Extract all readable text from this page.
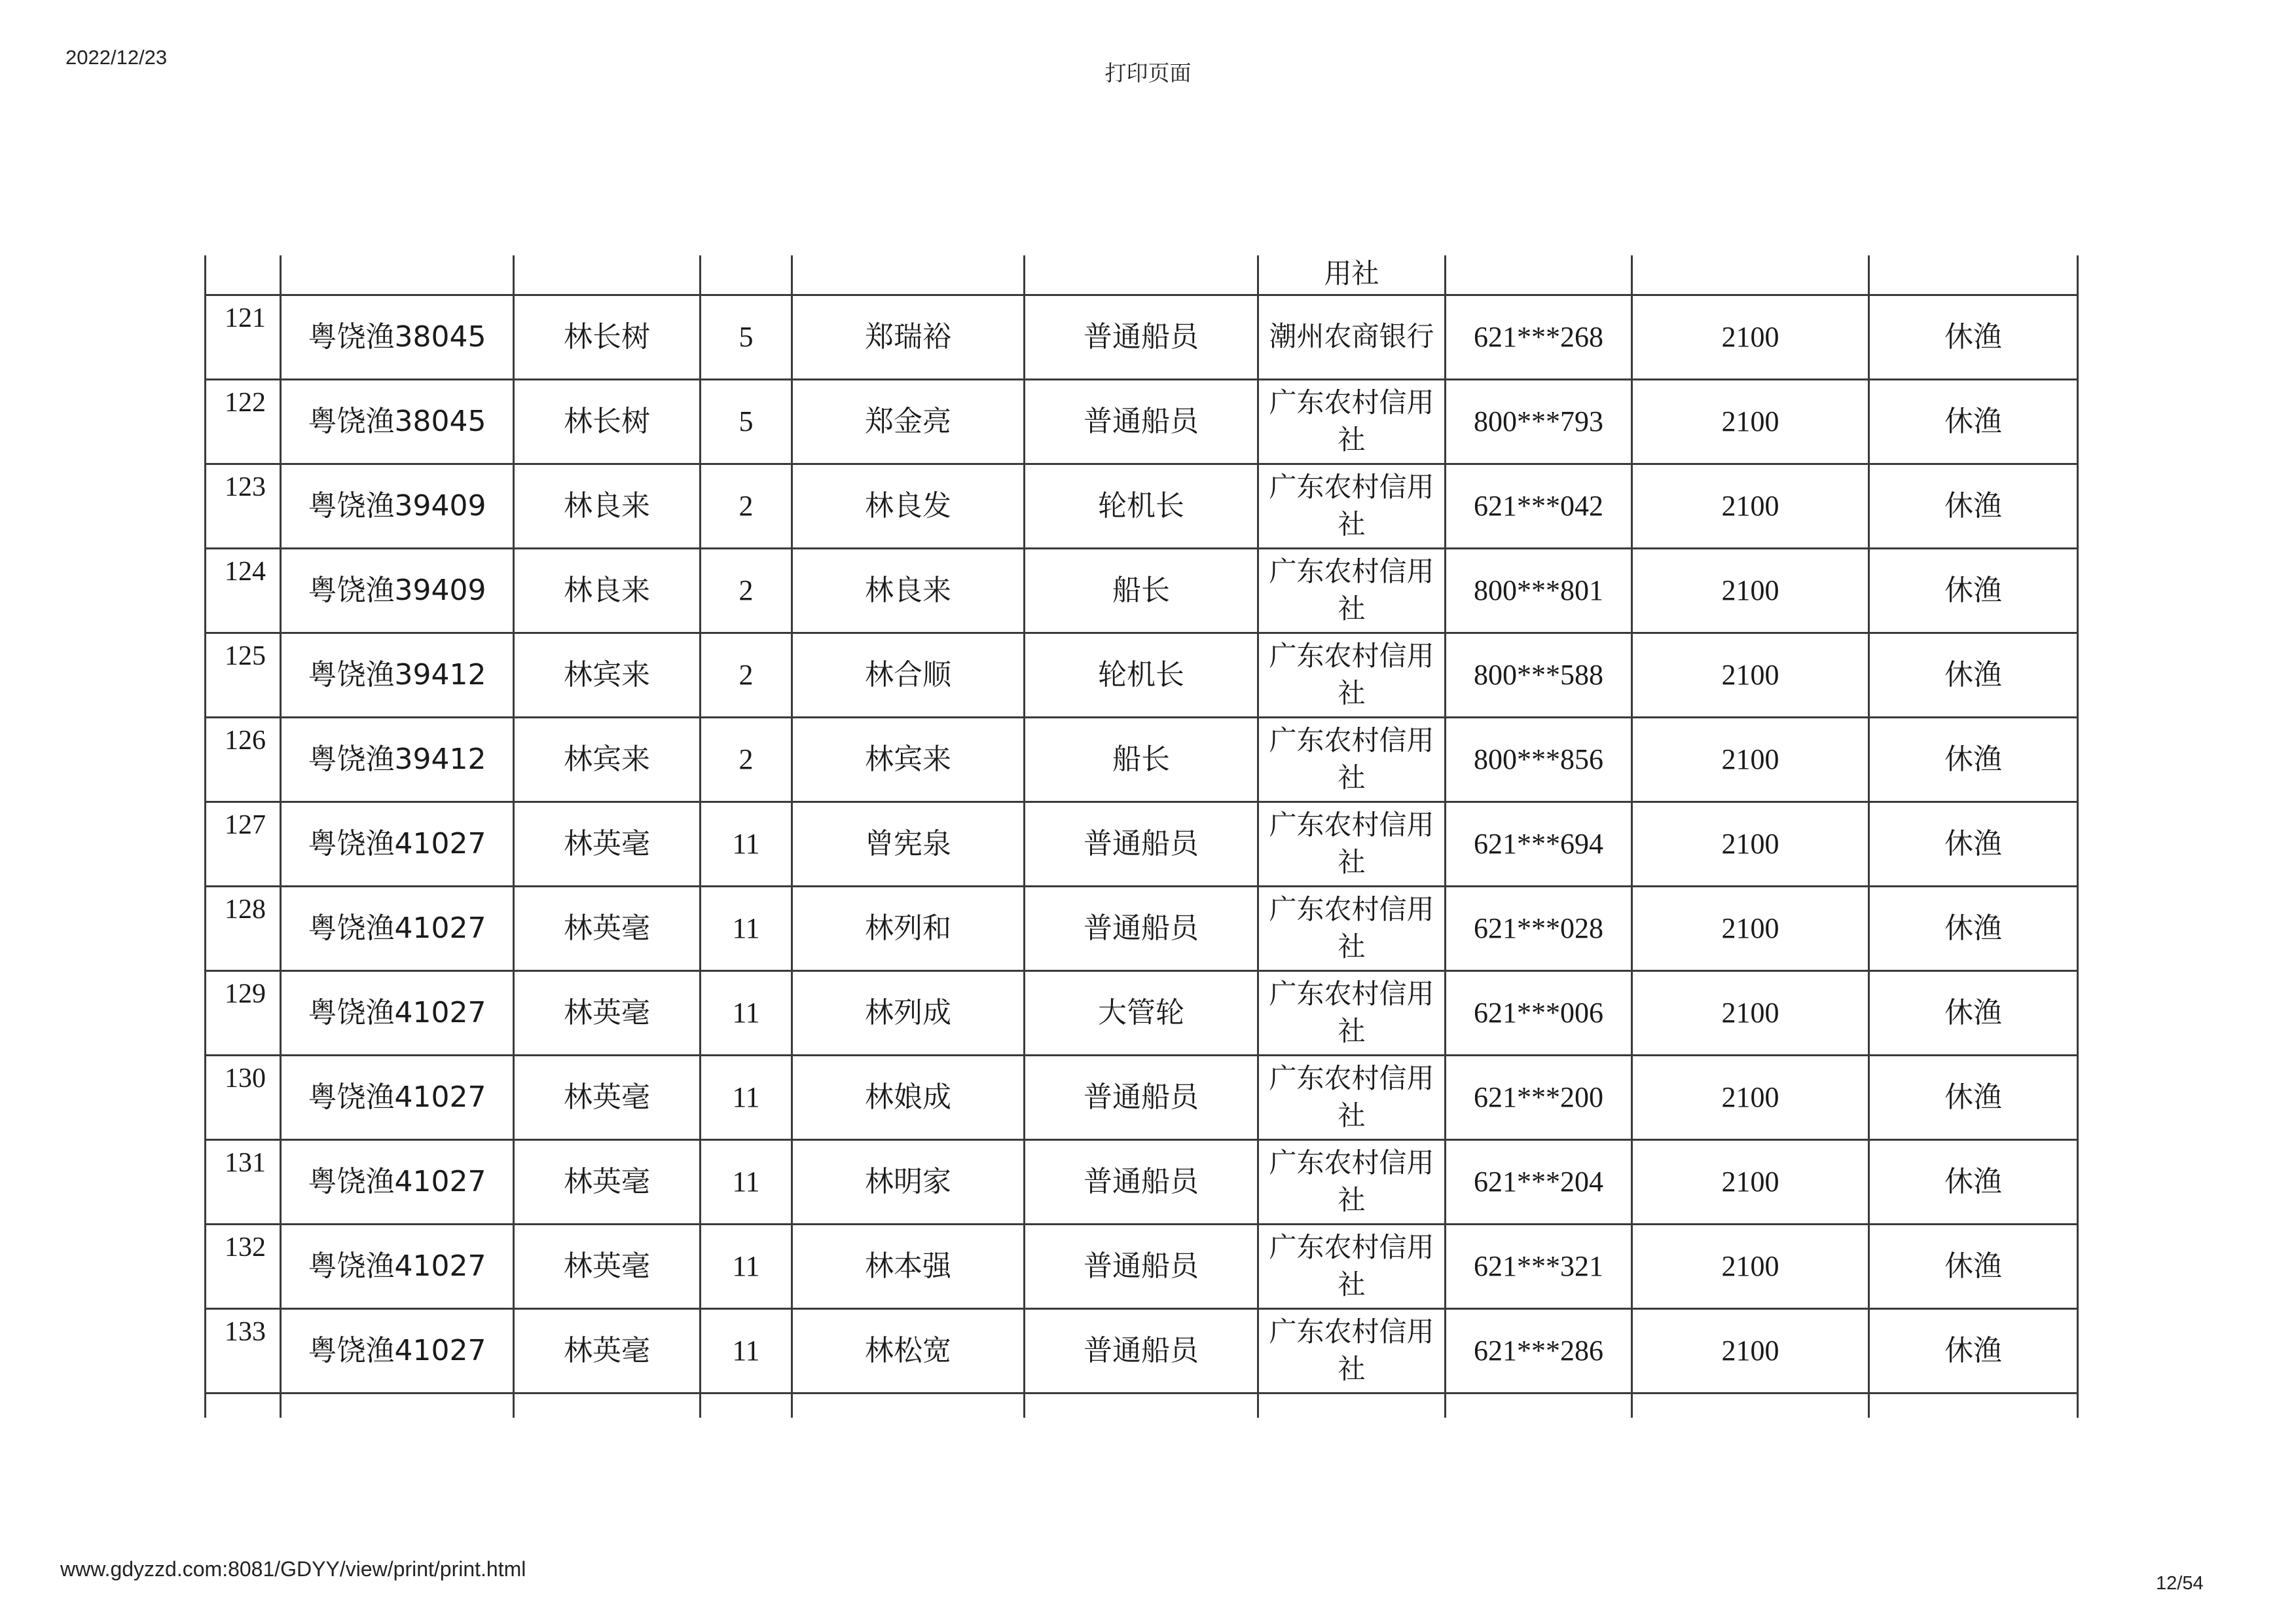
2022/12/23
打印页面
						用社			
121	粤饶渔38045	林长树	5	郑瑞裕	普通船员	潮州农商银行	621***268	2100	休渔
122	粤饶渔38045	林长树	5	郑金亮	普通船员	广东农村信用社	800***793	2100	休渔
123	粤饶渔39409	林良来	2	林良发	轮机长	广东农村信用社	621***042	2100	休渔
124	粤饶渔39409	林良来	2	林良来	船长	广东农村信用社	800***801	2100	休渔
125	粤饶渔39412	林宾来	2	林合顺	轮机长	广东农村信用社	800***588	2100	休渔
126	粤饶渔39412	林宾来	2	林宾来	船长	广东农村信用社	800***856	2100	休渔
127	粤饶渔41027	林英毫	11	曾宪泉	普通船员	广东农村信用社	621***694	2100	休渔
128	粤饶渔41027	林英毫	11	林列和	普通船员	广东农村信用社	621***028	2100	休渔
129	粤饶渔41027	林英毫	11	林列成	大管轮	广东农村信用社	621***006	2100	休渔
130	粤饶渔41027	林英毫	11	林娘成	普通船员	广东农村信用社	621***200	2100	休渔
131	粤饶渔41027	林英毫	11	林明家	普通船员	广东农村信用社	621***204	2100	休渔
132	粤饶渔41027	林英毫	11	林本强	普通船员	广东农村信用社	621***321	2100	休渔
133	粤饶渔41027	林英毫	11	林松宽	普通船员	广东农村信用社	621***286	2100	休渔

www.gdyzzd.com:8081/GDYY/view/print/print.html
12/54
